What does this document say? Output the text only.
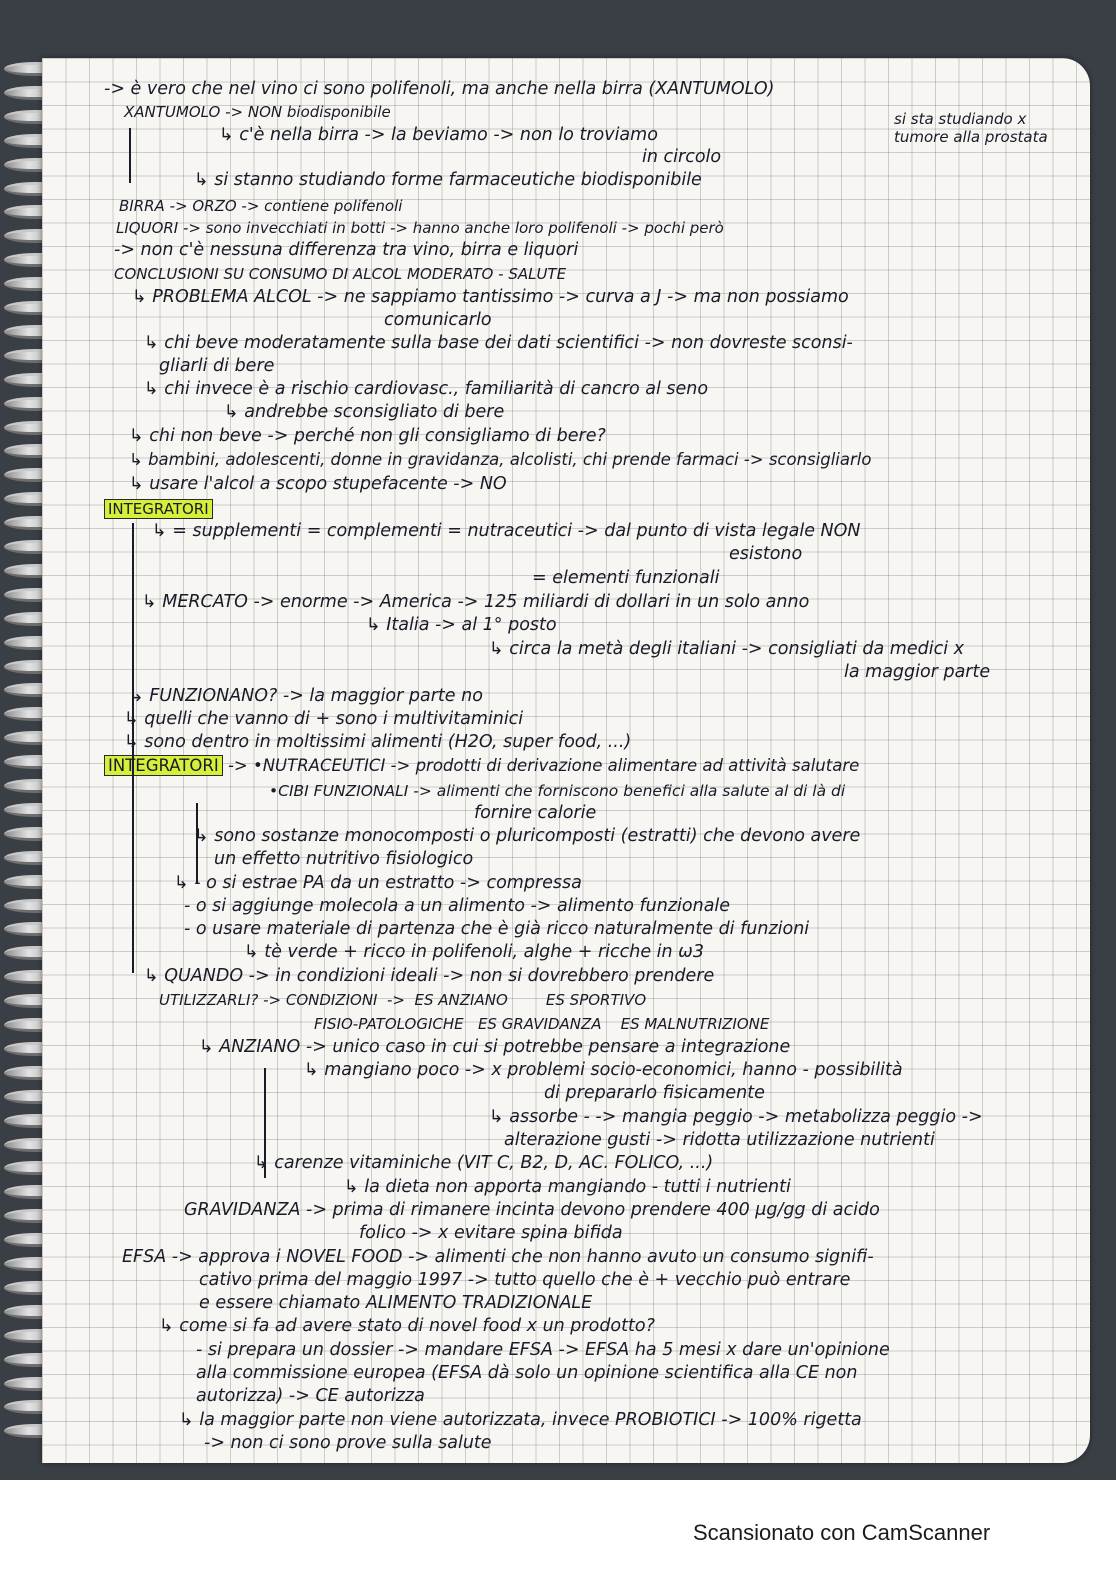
-> è vero che nel vino ci sono polifenoli, ma anche nella birra (XANTUMOLO)
XANTUMOLO -> NON biodisponibile	si sta studiando x tumore alla prostata
↳ c'è nella birra -> la beviamo -> non lo troviamo
in circolo
↳ si stanno studiando forme farmaceutiche biodisponibile
BIRRA -> ORZO -> contiene polifenoli
LIQUORI -> sono invecchiati in botti -> hanno anche loro polifenoli -> pochi però
-> non c'è nessuna differenza tra vino, birra e liquori
CONCLUSIONI SU CONSUMO DI ALCOL MODERATO - SALUTE
↳ PROBLEMA ALCOL -> ne sappiamo tantissimo -> curva a J -> ma non possiamo
comunicarlo
↳ chi beve moderatamente sulla base dei dati scientifici -> non dovreste sconsi-
gliarli di bere
↳ chi invece è a rischio cardiovasc., familiarità di cancro al seno
↳ andrebbe sconsigliato di bere
↳ chi non beve -> perché non gli consigliamo di bere?
↳ bambini, adolescenti, donne in gravidanza, alcolisti, chi prende farmaci -> sconsigliarlo
↳ usare l'alcol a scopo stupefacente -> NO
INTEGRATORI
↳ = supplementi = complementi = nutraceutici -> dal punto di vista legale NON
esistono
= elementi funzionali
↳ MERCATO -> enorme -> America -> 125 miliardi di dollari in un solo anno
↳ Italia -> al 1° posto
↳ circa la metà degli italiani -> consigliati da medici x
la maggior parte
↳ FUNZIONANO? -> la maggior parte no
↳ quelli che vanno di + sono i multivitaminici
↳ sono dentro in moltissimi alimenti (H2O, super food, ...)
INTEGRATORI -> •NUTRACEUTICI -> prodotti di derivazione alimentare ad attività salutare
•CIBI FUNZIONALI -> alimenti che forniscono benefici alla salute al di là di
fornire calorie
↳ sono sostanze monocomposti o pluricomposti (estratti) che devono avere
un effetto nutritivo fisiologico
↳ - o si estrae PA da un estratto -> compressa
- o si aggiunge molecola a un alimento -> alimento funzionale
- o usare materiale di partenza che è già ricco naturalmente di funzioni
↳ tè verde + ricco in polifenoli, alghe + ricche in ω3
↳ QUANDO -> in condizioni ideali -> non si dovrebbero prendere
UTILIZZARLI? -> CONDIZIONI  ->  ES ANZIANO        ES SPORTIVO
FISIO-PATOLOGICHE   ES GRAVIDANZA    ES MALNUTRIZIONE
↳ ANZIANO -> unico caso in cui si potrebbe pensare a integrazione
↳ mangiano poco -> x problemi socio-economici, hanno - possibilità
di prepararlo fisicamente
↳ assorbe - -> mangia peggio -> metabolizza peggio ->
alterazione gusti -> ridotta utilizzazione nutrienti
↳ carenze vitaminiche (VIT C, B2, D, AC. FOLICO, ...)
↳ la dieta non apporta mangiando - tutti i nutrienti
GRAVIDANZA -> prima di rimanere incinta devono prendere 400 μg/gg di acido
folico -> x evitare spina bifida
EFSA -> approva i NOVEL FOOD -> alimenti che non hanno avuto un consumo signifi-
cativo prima del maggio 1997 -> tutto quello che è + vecchio può entrare
e essere chiamato ALIMENTO TRADIZIONALE
↳ come si fa ad avere stato di novel food x un prodotto?
- si prepara un dossier -> mandare EFSA -> EFSA ha 5 mesi x dare un'opinione
alla commissione europea (EFSA dà solo un opinione scientifica alla CE non
autorizza) -> CE autorizza
↳ la maggior parte non viene autorizzata, invece PROBIOTICI -> 100% rigetta
-> non ci sono prove sulla salute
Scansionato con CamScanner
